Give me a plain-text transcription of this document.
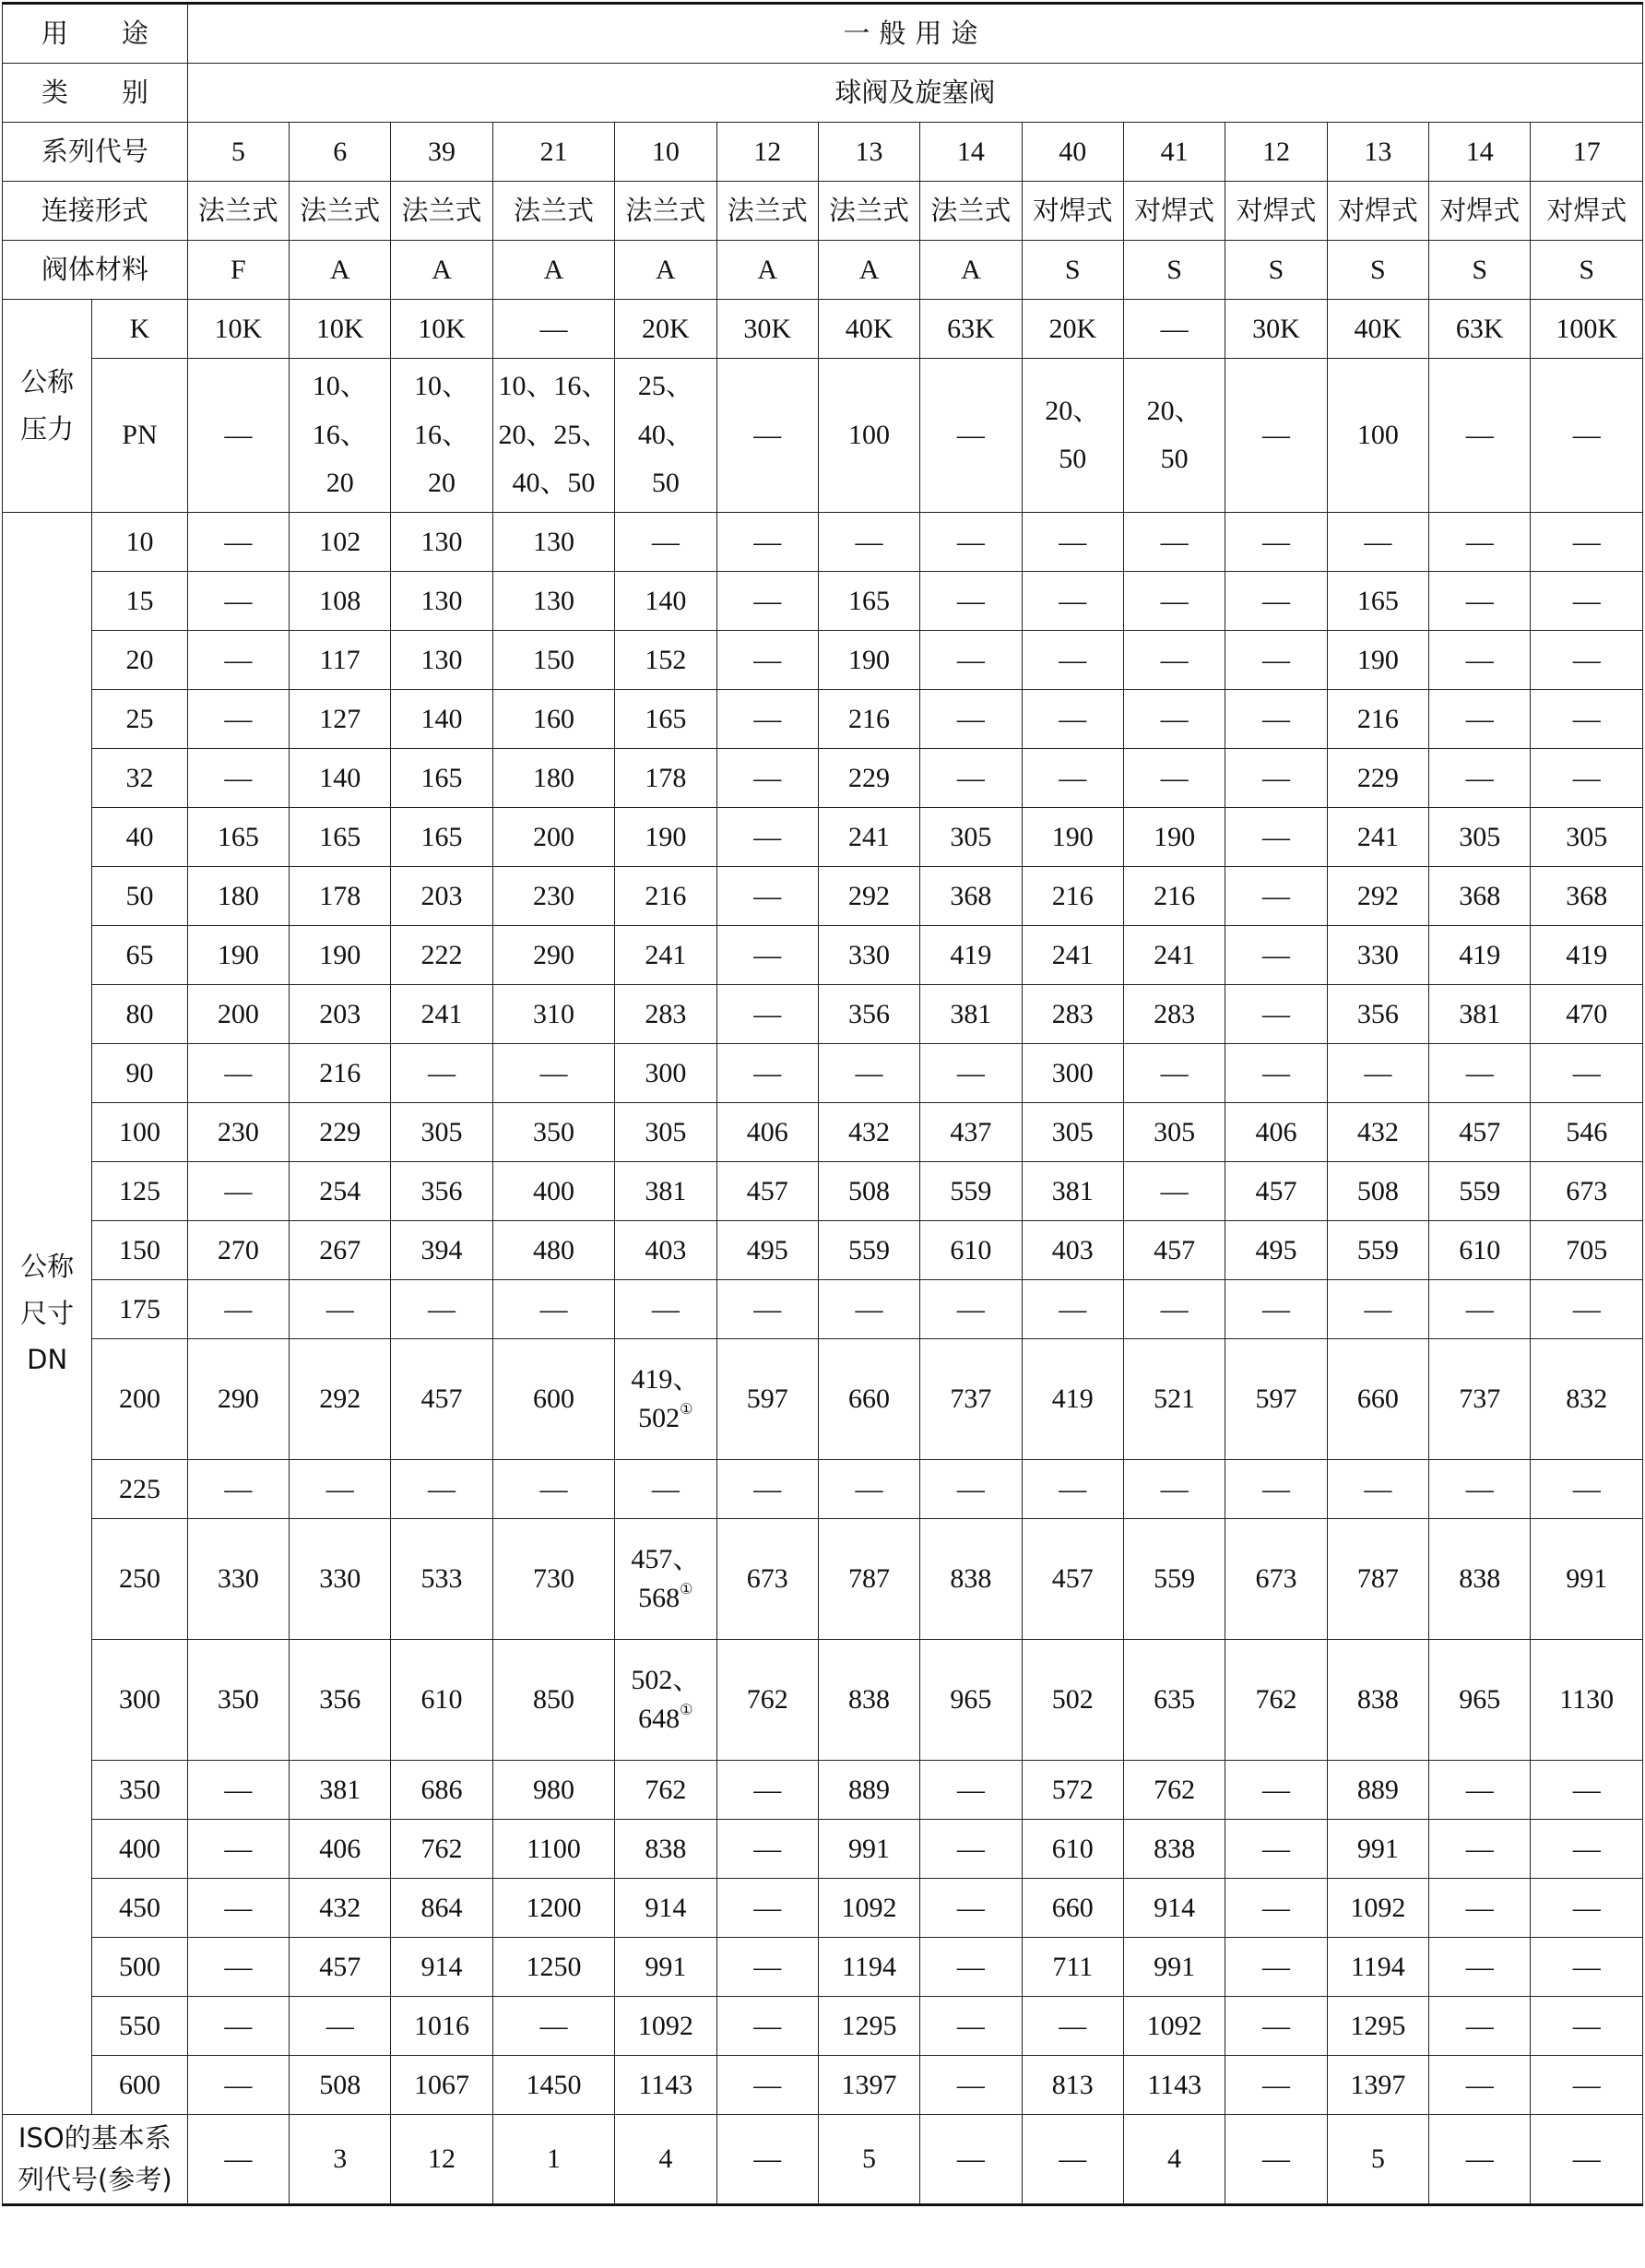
用　　途		一般用途													
类　　别		球阀及旋塞阀													
系列代号		5	6	39	21	10	12	13	14	40	41	12	13	14	17
连接形式		法兰式	法兰式	法兰式	法兰式	法兰式	法兰式	法兰式	法兰式	对焊式	对焊式	对焊式	对焊式	对焊式	对焊式
阀体材料		F	A	A	A	A	A	A	A	S	S	S	S	S	S
公称
压力	K	10K	10K	10K	—	20K	30K	40K	63K	20K	—	30K	40K	63K	100K
	PN	—	10、
16、
20	10、
16、
20	10、16、
20、25、
40、50	25、
40、
50	—	100	—	20、
50	20、
50	—	100	—	—
公称
尺寸
DN	10	—	102	130	130	—	—	—	—	—	—	—	—	—	—
	15	—	108	130	130	140	—	165	—	—	—	—	165	—	—
	20	—	117	130	150	152	—	190	—	—	—	—	190	—	—
	25	—	127	140	160	165	—	216	—	—	—	—	216	—	—
	32	—	140	165	180	178	—	229	—	—	—	—	229	—	—
	40	165	165	165	200	190	—	241	305	190	190	—	241	305	305
	50	180	178	203	230	216	—	292	368	216	216	—	292	368	368
	65	190	190	222	290	241	—	330	419	241	241	—	330	419	419
	80	200	203	241	310	283	—	356	381	283	283	—	356	381	470
	90	—	216	—	—	300	—	—	—	300	—	—	—	—	—
	100	230	229	305	350	305	406	432	437	305	305	406	432	457	546
	125	—	254	356	400	381	457	508	559	381	—	457	508	559	673
	150	270	267	394	480	403	495	559	610	403	457	495	559	610	705
	175	—	—	—	—	—	—	—	—	—	—	—	—	—	—
	200	290	292	457	600	419、
502①	597	660	737	419	521	597	660	737	832
	225	—	—	—	—	—	—	—	—	—	—	—	—	—	—
	250	330	330	533	730	457、
568①	673	787	838	457	559	673	787	838	991
	300	350	356	610	850	502、
648①	762	838	965	502	635	762	838	965	1130
	350	—	381	686	980	762	—	889	—	572	762	—	889	—	—
	400	—	406	762	1100	838	—	991	—	610	838	—	991	—	—
	450	—	432	864	1200	914	—	1092	—	660	914	—	1092	—	—
	500	—	457	914	1250	991	—	1194	—	711	991	—	1194	—	—
	550	—	—	1016	—	1092	—	1295	—	—	1092	—	1295	—	—
	600	—	508	1067	1450	1143	—	1397	—	813	1143	—	1397	—	—
ISO的基本系列代号(参考)		—	3	12	1	4	—	5	—	—	4	—	5	—	—
